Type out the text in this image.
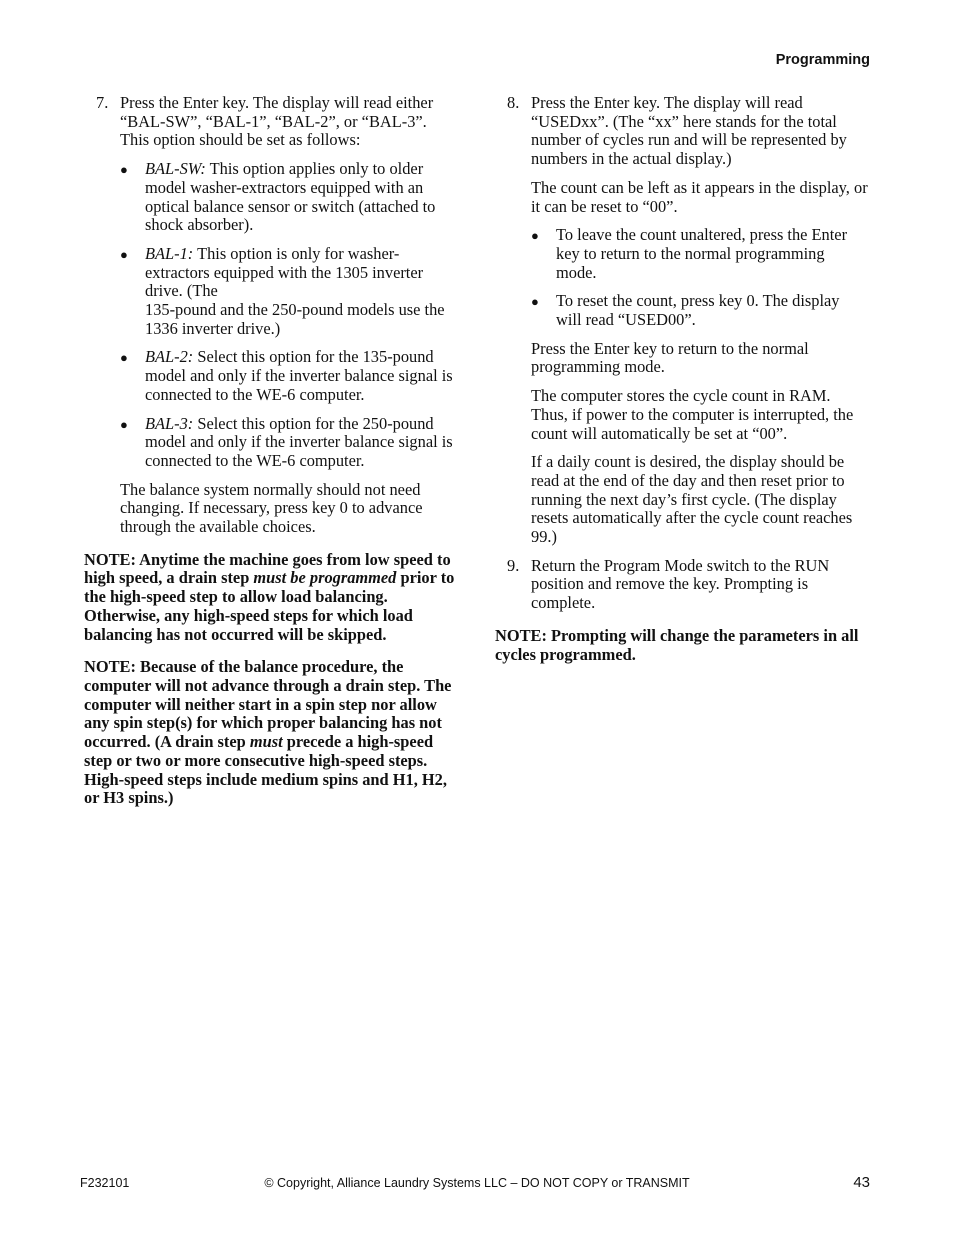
Programming
7. Press the Enter key. The display will read either “BAL-SW”, “BAL-1”, “BAL-2”, or “BAL-3”. This option should be set as follows:
● BAL-SW: This option applies only to older model washer-extractors equipped with an optical balance sensor or switch (attached to shock absorber).
● BAL-1: This option is only for washer-extractors equipped with the 1305 inverter drive. (The
135-pound and the 250-pound models use the 1336 inverter drive.)
● BAL-2: Select this option for the 135-pound model and only if the inverter balance signal is connected to the WE-6 computer.
● BAL-3: Select this option for the 250-pound model and only if the inverter balance signal is connected to the WE-6 computer.

The balance system normally should not need changing. If necessary, press key 0 to advance through the available choices.

NOTE: Anytime the machine goes from low speed to high speed, a drain step must be programmed prior to the high-speed step to allow load balancing. Otherwise, any high-speed steps for which load balancing has not occurred will be skipped.

NOTE: Because of the balance procedure, the computer will not advance through a drain step. The computer will neither start in a spin step nor allow any spin step(s) for which proper balancing has not occurred. (A drain step must precede a high-speed step or two or more consecutive high-speed steps. High-speed steps include medium spins and H1, H2, or H3 spins.)

8. Press the Enter key. The display will read “USEDxx”. (The “xx” here stands for the total number of cycles run and will be represented by numbers in the actual display.)

The count can be left as it appears in the display, or it can be reset to “00”.

● To leave the count unaltered, press the Enter key to return to the normal programming mode.
● To reset the count, press key 0. The display will read “USED00”.

Press the Enter key to return to the normal programming mode.

The computer stores the cycle count in RAM. Thus, if power to the computer is interrupted, the count will automatically be set at “00”.

If a daily count is desired, the display should be read at the end of the day and then reset prior to running the next day’s first cycle. (The display resets automatically after the cycle count reaches 99.)

9. Return the Program Mode switch to the RUN position and remove the key. Prompting is complete.

NOTE: Prompting will change the parameters in all cycles programmed.

F232101	© Copyright, Alliance Laundry Systems LLC – DO NOT COPY or TRANSMIT	43
